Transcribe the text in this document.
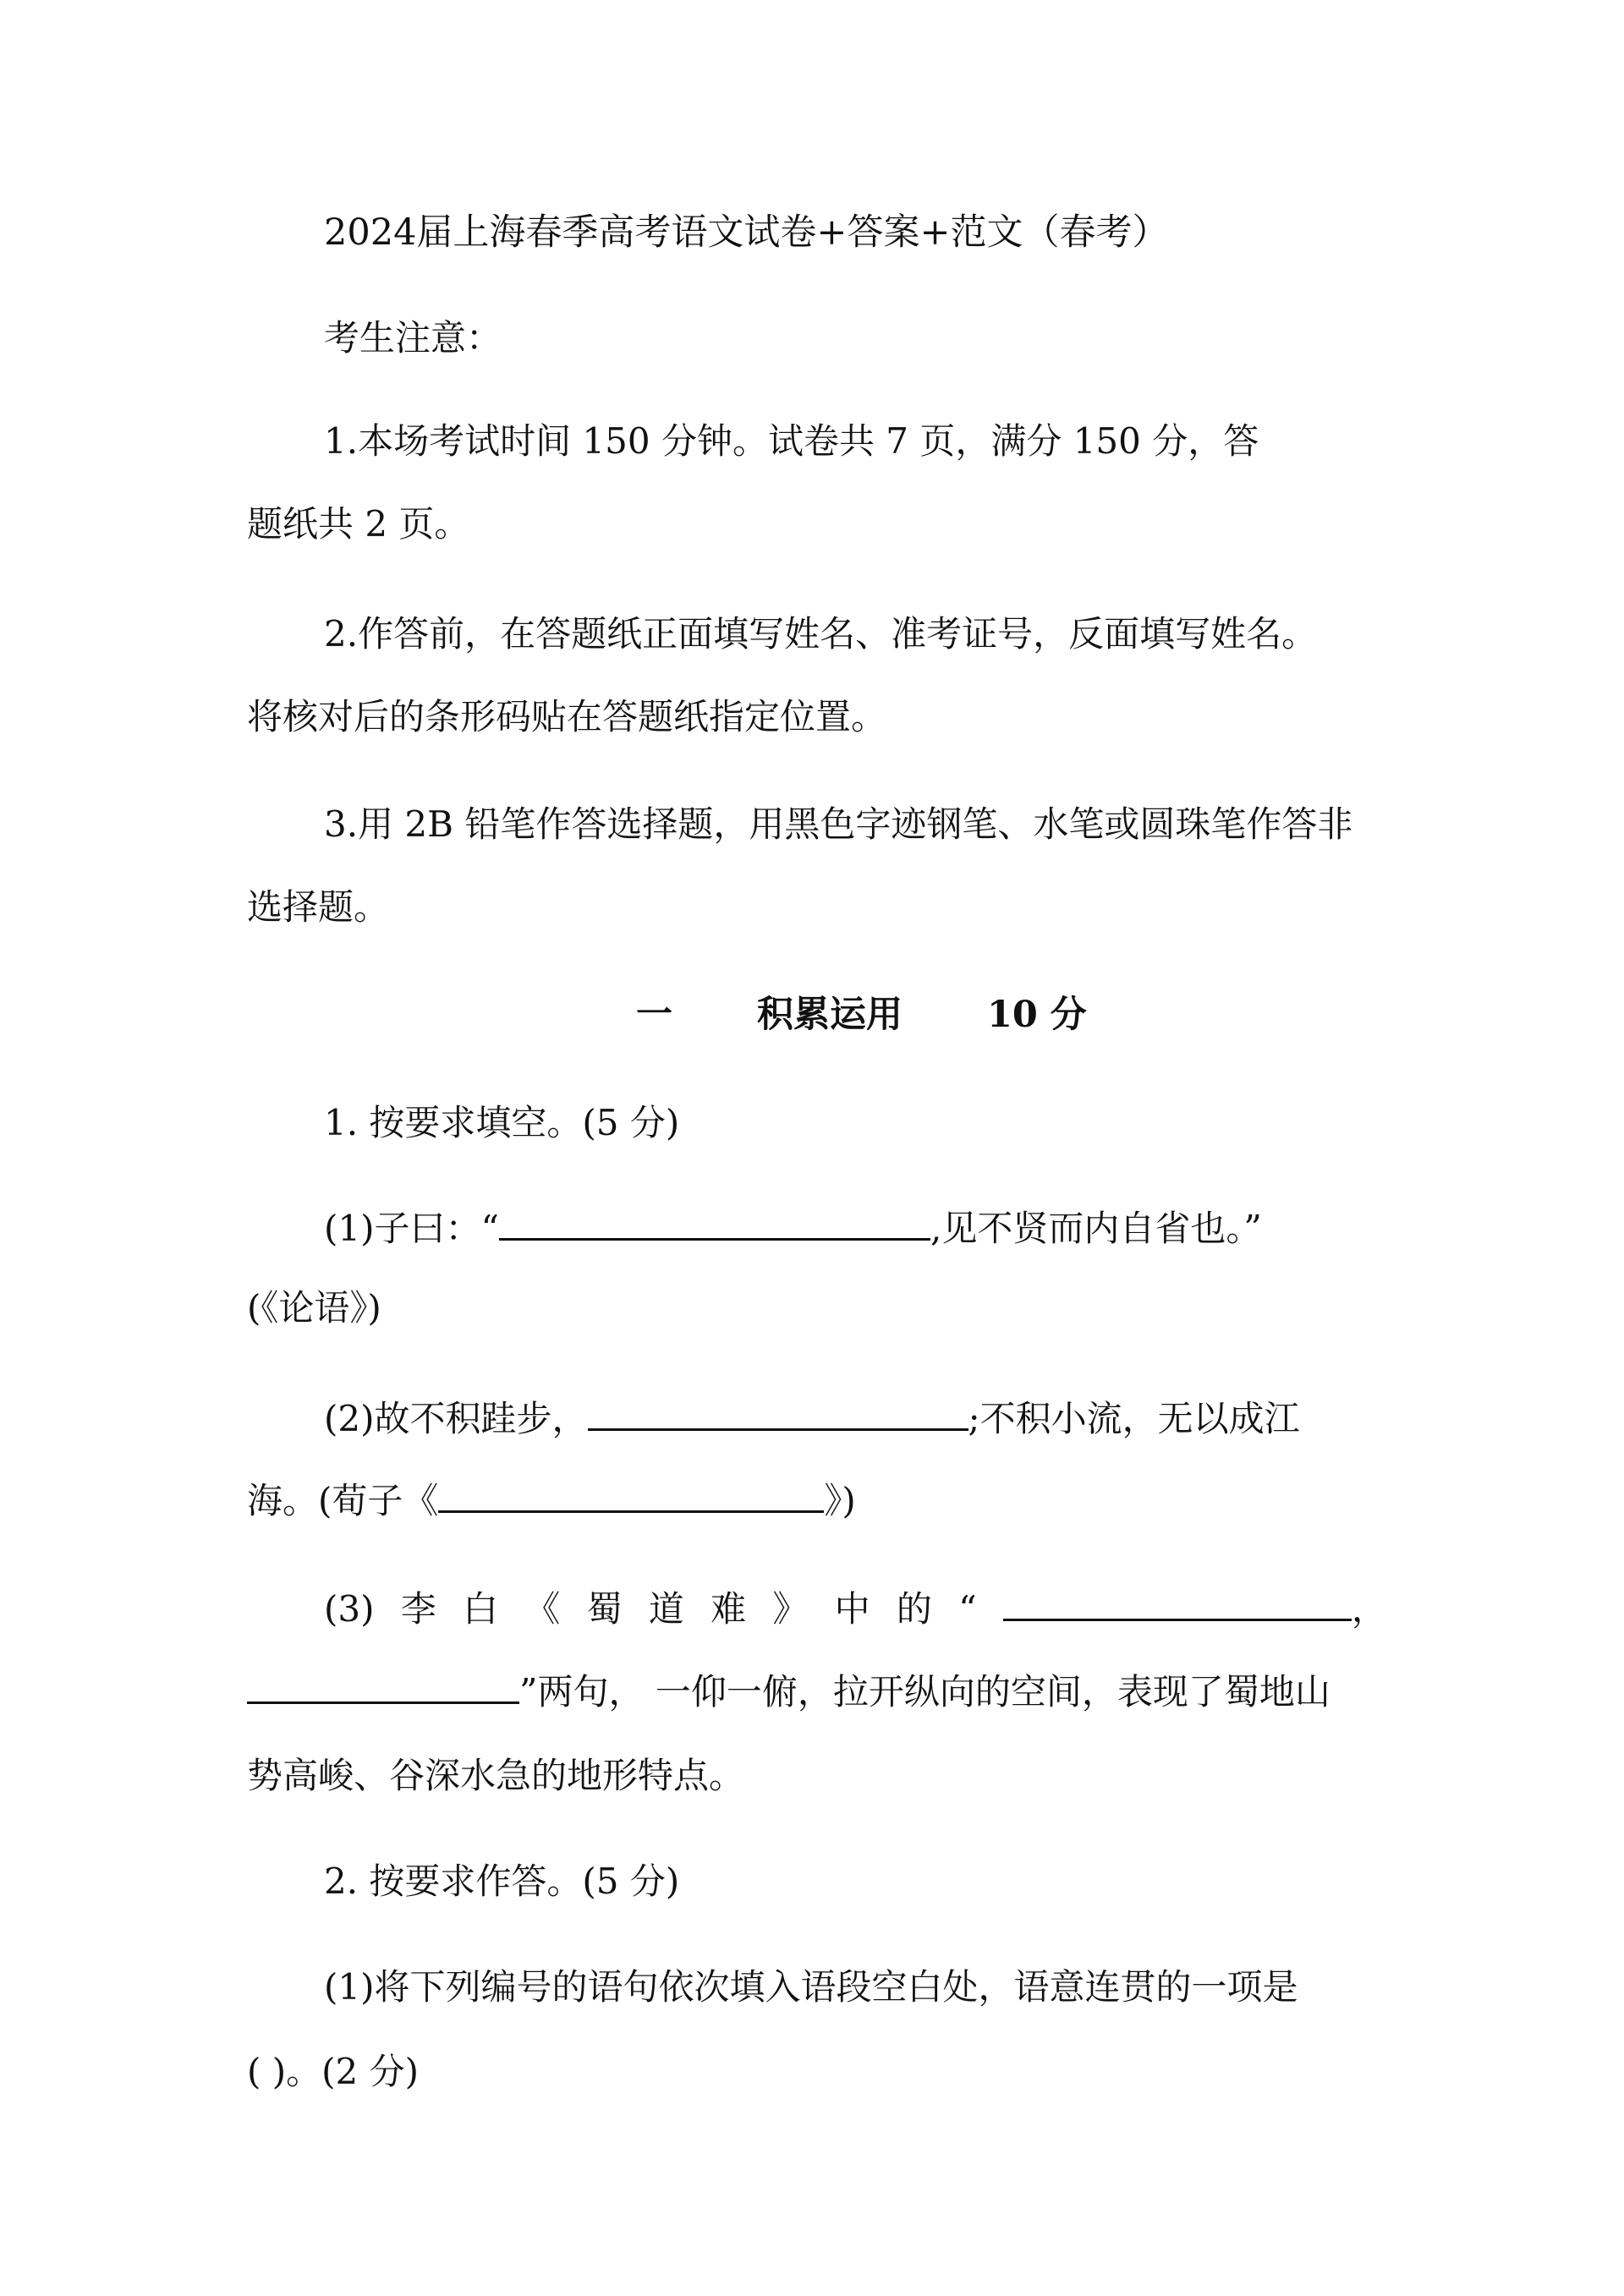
2024届上海春季高考语文试卷+答案+范文（春考）
考生注意：
1.本场考试时间 150 分钟。试卷共 7 页，满分 150 分，答
题纸共 2 页。
2.作答前，在答题纸正面填写姓名、准考证号，反面填写姓名。
将核对后的条形码贴在答题纸指定位置。
3.用 2B 铅笔作答选择题，用黑色字迹钢笔、水笔或圆珠笔作答非
选择题。
一 积累运用 10 分
1. 按要求填空。(5 分)
(1)子曰：“	,见不贤而内自省也。”
(《论语》)
(2)故不积跬步，	;不积小流，无以成江
海。(荀子《	》)
(3) 李 白 《 蜀 道 难 》 中 的 “	，
”两句， 一仰一俯，拉开纵向的空间，表现了蜀地山
势高峻、谷深水急的地形特点。
2. 按要求作答。(5 分)
(1)将下列编号的语句依次填入语段空白处，语意连贯的一项是
( )。(2 分)
